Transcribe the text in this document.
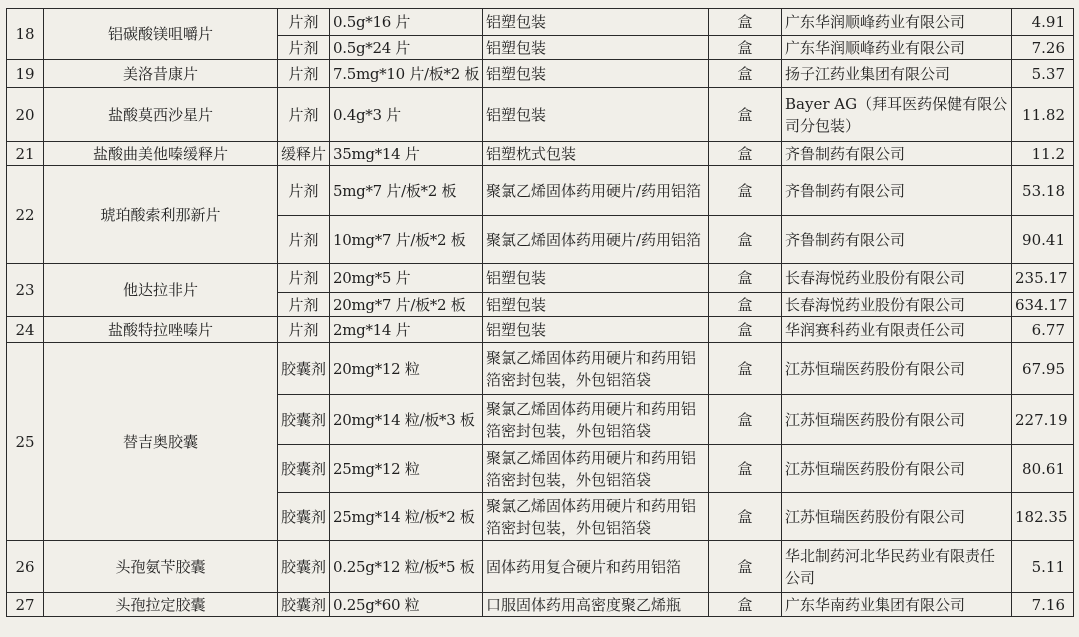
18	铝碳酸镁咀嚼片	片剂	0.5g*16 片	铝塑包装	盒	广东华润顺峰药业有限公司	4.91
		片剂	0.5g*24 片	铝塑包装	盒	广东华润顺峰药业有限公司	7.26
19	美洛昔康片	片剂	7.5mg*10 片/板*2 板	铝塑包装	盒	扬子江药业集团有限公司	5.37
20	盐酸莫西沙星片	片剂	0.4g*3 片	铝塑包装	盒	Bayer AG（拜耳医药保健有限公司分包装）	11.82
21	盐酸曲美他嗪缓释片	缓释片	35mg*14 片	铝塑枕式包装	盒	齐鲁制药有限公司	11.2
22	琥珀酸索利那新片	片剂	5mg*7 片/板*2 板	聚氯乙烯固体药用硬片/药用铝箔	盒	齐鲁制药有限公司	53.18
		片剂	10mg*7 片/板*2 板	聚氯乙烯固体药用硬片/药用铝箔	盒	齐鲁制药有限公司	90.41
23	他达拉非片	片剂	20mg*5 片	铝塑包装	盒	长春海悦药业股份有限公司	235.17
		片剂	20mg*7 片/板*2 板	铝塑包装	盒	长春海悦药业股份有限公司	634.17
24	盐酸特拉唑嗪片	片剂	2mg*14 片	铝塑包装	盒	华润赛科药业有限责任公司	6.77
25	替吉奥胶囊	胶囊剂	20mg*12 粒	聚氯乙烯固体药用硬片和药用铝箔密封包装，外包铝箔袋	盒	江苏恒瑞医药股份有限公司	67.95
		胶囊剂	20mg*14 粒/板*3 板	聚氯乙烯固体药用硬片和药用铝箔密封包装，外包铝箔袋	盒	江苏恒瑞医药股份有限公司	227.19
		胶囊剂	25mg*12 粒	聚氯乙烯固体药用硬片和药用铝箔密封包装，外包铝箔袋	盒	江苏恒瑞医药股份有限公司	80.61
		胶囊剂	25mg*14 粒/板*2 板	聚氯乙烯固体药用硬片和药用铝箔密封包装，外包铝箔袋	盒	江苏恒瑞医药股份有限公司	182.35
26	头孢氨苄胶囊	胶囊剂	0.25g*12 粒/板*5 板	固体药用复合硬片和药用铝箔	盒	华北制药河北华民药业有限责任公司	5.11
27	头孢拉定胶囊	胶囊剂	0.25g*60 粒	口服固体药用高密度聚乙烯瓶	盒	广东华南药业集团有限公司	7.16
